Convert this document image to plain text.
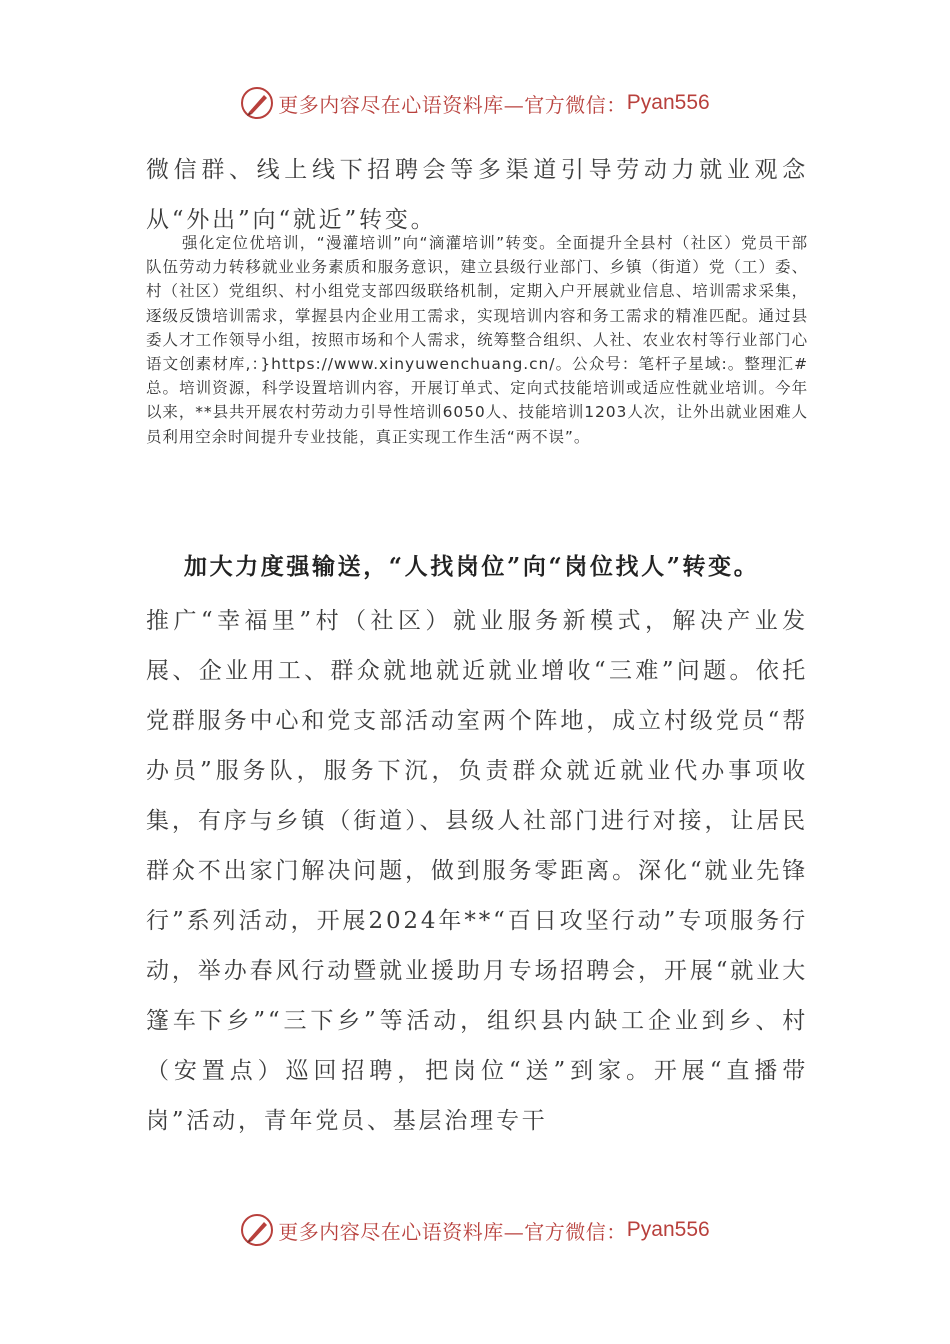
更多内容尽在心语资料库—官方微信： Pyan556

微信群、线上线下招聘会等多渠道引导劳动力就业观念从“外出”向“就近”转变。

强化定位优培训，“漫灌培训”向“滴灌培训”转变。全面提升全县村（社区）党员干部队伍劳动力转移就业业务素质和服务意识，建立县级行业部门、乡镇（街道）党（工）委、村（社区）党组织、村小组党支部四级联络机制，定期入户开展就业信息、培训需求采集，逐级反馈培训需求，掌握县内企业用工需求，实现培训内容和务工需求的精准匹配。通过县委人才工作领导小组，按照市场和个人需求，统筹整合组织、人社、农业农村等行业部门心语文创素材库,：}https://www.xinyuwenchuang.cn/。公众号：笔杆子星域:。整理汇#总。培训资源，科学设置培训内容，开展订单式、定向式技能培训或适应性就业培训。今年以来，**县共开展农村劳动力引导性培训6050人、技能培训1203人次，让外出就业困难人员利用空余时间提升专业技能，真正实现工作生活“两不误”。

加大力度强输送，“人找岗位”向“岗位找人”转变。

推广“幸福里”村（社区）就业服务新模式，解决产业发展、企业用工、群众就地就近就业增收“三难”问题。依托党群服务中心和党支部活动室两个阵地，成立村级党员“帮办员”服务队，服务下沉，负责群众就近就业代办事项收集，有序与乡镇（街道）、县级人社部门进行对接，让居民群众不出家门解决问题，做到服务零距离。深化“就业先锋行”系列活动，开展2024年**“百日攻坚行动”专项服务行动，举办春风行动暨就业援助月专场招聘会，开展“就业大篷车下乡”“三下乡”等活动，组织县内缺工企业到乡、村（安置点）巡回招聘，把岗位“送”到家。开展“直播带岗”活动，青年党员、基层治理专干

更多内容尽在心语资料库—官方微信： Pyan556
